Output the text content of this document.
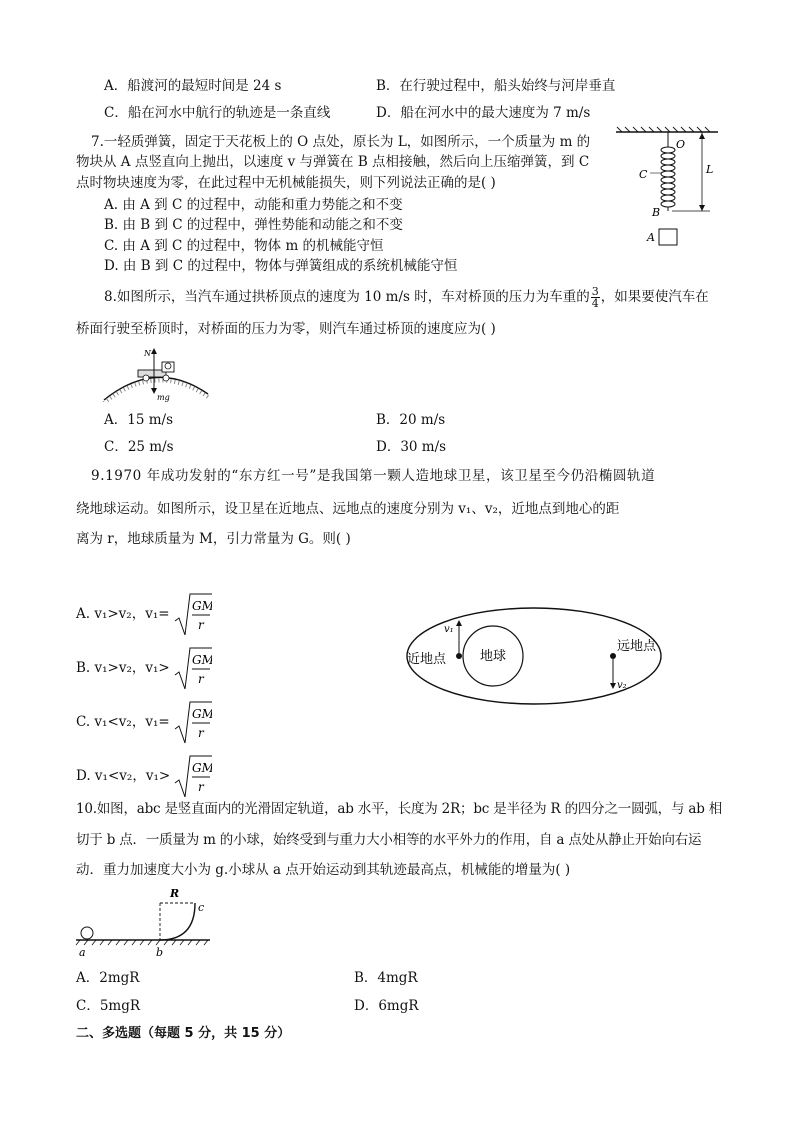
A．船渡河的最短时间是 24 s	B．在行驶过程中，船头始终与河岸垂直
C．船在河水中航行的轨迹是一条直线	D．船在河水中的最大速度为 7 m/s
7.一轻质弹簧，固定于天花板上的 O 点处，原长为 L，如图所示，一个质量为 m 的
物块从 A 点竖直向上抛出，以速度 v 与弹簧在 B 点相接触，然后向上压缩弹簧，到 C
点时物块速度为零，在此过程中无机械能损失，则下列说法正确的是( )
A. 由 A 到 C 的过程中，动能和重力势能之和不变
B. 由 B 到 C 的过程中，弹性势能和动能之和不变
C. 由 A 到 C 的过程中，物体 m 的机械能守恒
D. 由 B 到 C 的过程中，物体与弹簧组成的系统机械能守恒
O
L
C
B
A
8.如图所示，当汽车通过拱桥顶点的速度为 10 m/s 时，车对桥顶的压力为车重的 $\frac{3}{4}$ ，如果要使汽车在
桥面行驶至桥顶时，对桥面的压力为零，则汽车通过桥顶的速度应为( )
N
mg
A．15 m/s	B．20 m/s
C．25 m/s	D．30 m/s
9.1970 年成功发射的“东方红一号”是我国第一颗人造地球卫星，该卫星至今仍沿椭圆轨道
绕地球运动。如图所示，设卫星在近地点、远地点的速度分别为 v₁、v₂，近地点到地心的距
离为 r，地球质量为 M，引力常量为 G。则( )
A. v₁>v₂，v₁= GM
r
B. v₁>v₂，v₁> GM
r
C. v₁<v₂，v₁= GM
r
D. v₁<v₂，v₁> GM
r
地球
近地点
远地点
v₁
v₂
10.如图，abc 是竖直面内的光滑固定轨道，ab 水平，长度为 2R；bc 是半径为 R 的四分之一圆弧，与 ab 相
切于 b 点．一质量为 m 的小球，始终受到与重力大小相等的水平外力的作用，自 a 点处从静止开始向右运
动．重力加速度大小为 g.小球从 a 点开始运动到其轨迹最高点，机械能的增量为( )
R
c
a	b
A．2mgR	B．4mgR
C．5mgR	D．6mgR
二、多选题（每题 5 分，共 15 分）
